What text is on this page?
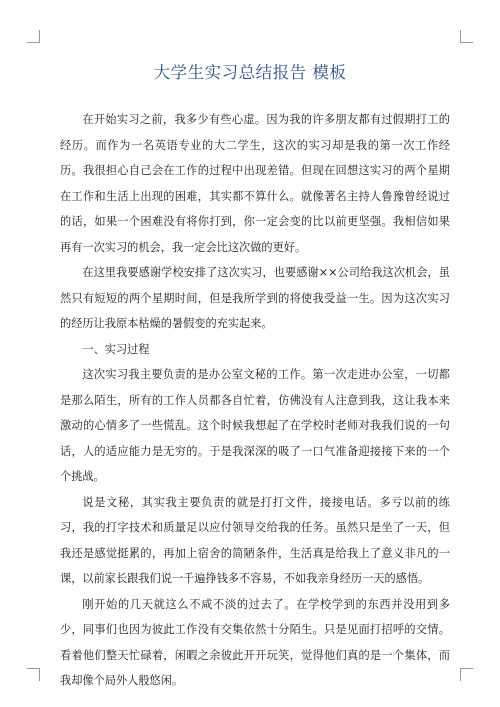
大学生实习总结报告 模板

在开始实习之前，我多少有些心虚。因为我的许多朋友都有过假期打工的经历。而作为一名英语专业的大二学生，这次的实习却是我的第一次工作经历。我很担心自己会在工作的过程中出现差错。但现在回想这实习的两个星期在工作和生活上出现的困难，其实都不算什么。就像著名主持人鲁豫曾经说过的话，如果一个困难没有将你打到，你一定会变的比以前更坚强。我相信如果再有一次实习的机会，我一定会比这次做的更好。

在这里我要感谢学校安排了这次实习，也要感谢××公司给我这次机会，虽然只有短短的两个星期时间，但是我所学到的将使我受益一生。因为这次实习的经历让我原本枯燥的暑假变的充实起来。

一、实习过程

这次实习我主要负责的是办公室文秘的工作。第一次走进办公室，一切都是那么陌生，所有的工作人员都各自忙着，仿佛没有人注意到我，这让我本来激动的心情多了一些慌乱。这个时候我想起了在学校时老师对我我们说的一句话，人的适应能力是无穷的。于是我深深的吸了一口气准备迎接接下来的一个个挑战。

说是文秘，其实我主要负责的就是打打文件，接接电话。多亏以前的练习，我的打字技术和质量足以应付领导交给我的任务。虽然只是坐了一天，但我还是感觉挺累的，再加上宿舍的简陋条件，生活真是给我上了意义非凡的一课，以前家长跟我们说一千遍挣钱多不容易，不如我亲身经历一天的感悟。

刚开始的几天就这么不咸不淡的过去了。在学校学到的东西并没用到多少，同事们也因为彼此工作没有交集依然十分陌生。只是见面打招呼的交情。看着他们整天忙碌着，闲暇之余彼此开开玩笑，觉得他们真的是一个集体，而我却像个局外人般悠闲。
